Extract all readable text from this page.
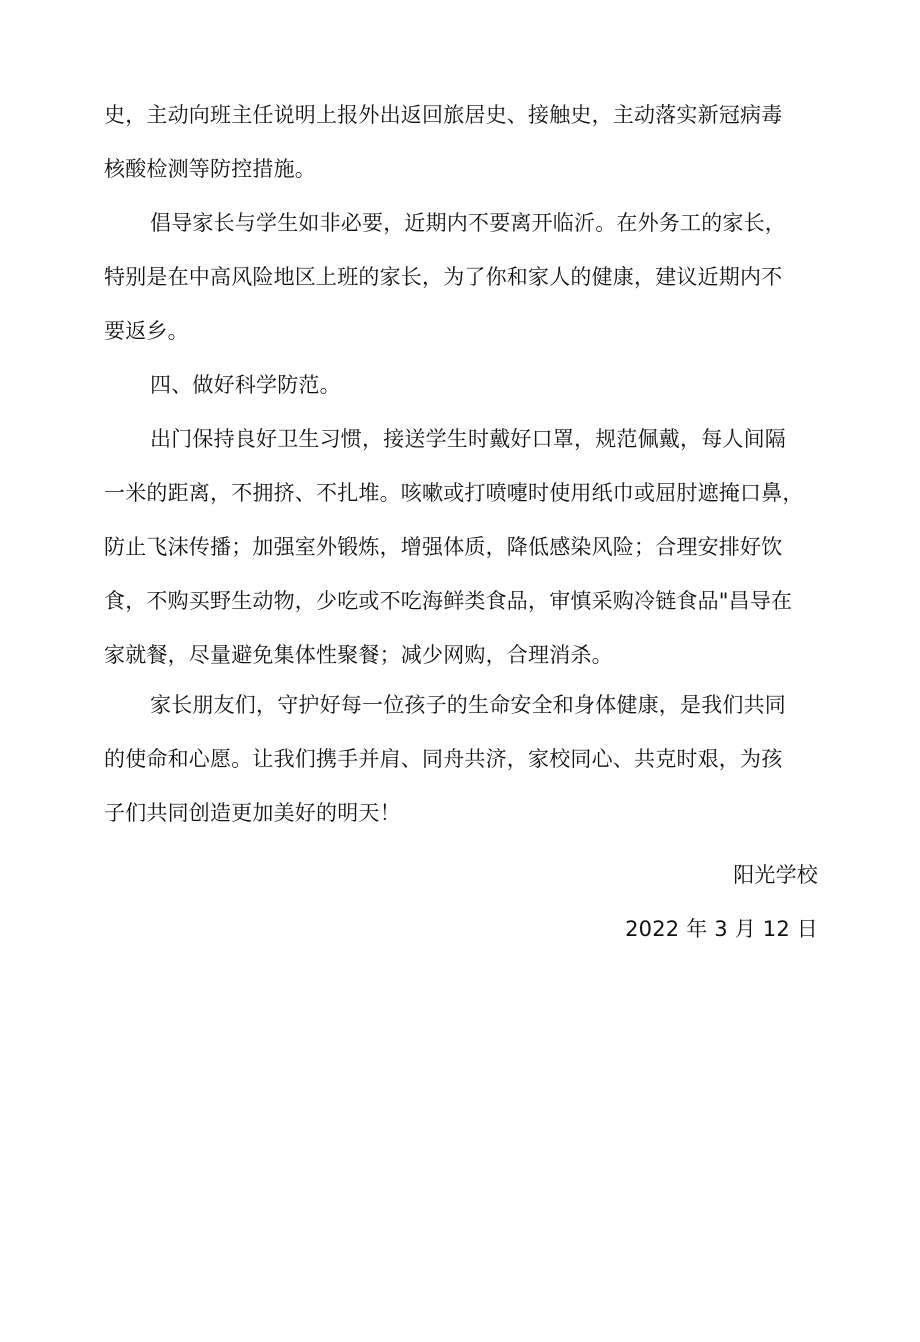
史，主动向班主任说明上报外出返回旅居史、接触史，主动落实新冠病毒
核酸检测等防控措施。
倡导家长与学生如非必要，近期内不要离开临沂。在外务工的家长，
特别是在中高风险地区上班的家长，为了你和家人的健康，建议近期内不
要返乡。
四、做好科学防范。
出门保持良好卫生习惯，接送学生时戴好口罩，规范佩戴，每人间隔
一米的距离，不拥挤、不扎堆。咳嗽或打喷嚏时使用纸巾或屈肘遮掩口鼻，
防止飞沫传播；加强室外锻炼，增强体质，降低感染风险；合理安排好饮
食，不购买野生动物，少吃或不吃海鲜类食品，审慎采购冷链食品"昌导在
家就餐，尽量避免集体性聚餐；减少网购，合理消杀。
家长朋友们，守护好每一位孩子的生命安全和身体健康，是我们共同
的使命和心愿。让我们携手并肩、同舟共济，家校同心、共克时艰，为孩
子们共同创造更加美好的明天！
阳光学校
2022 年 3 月 12 日
